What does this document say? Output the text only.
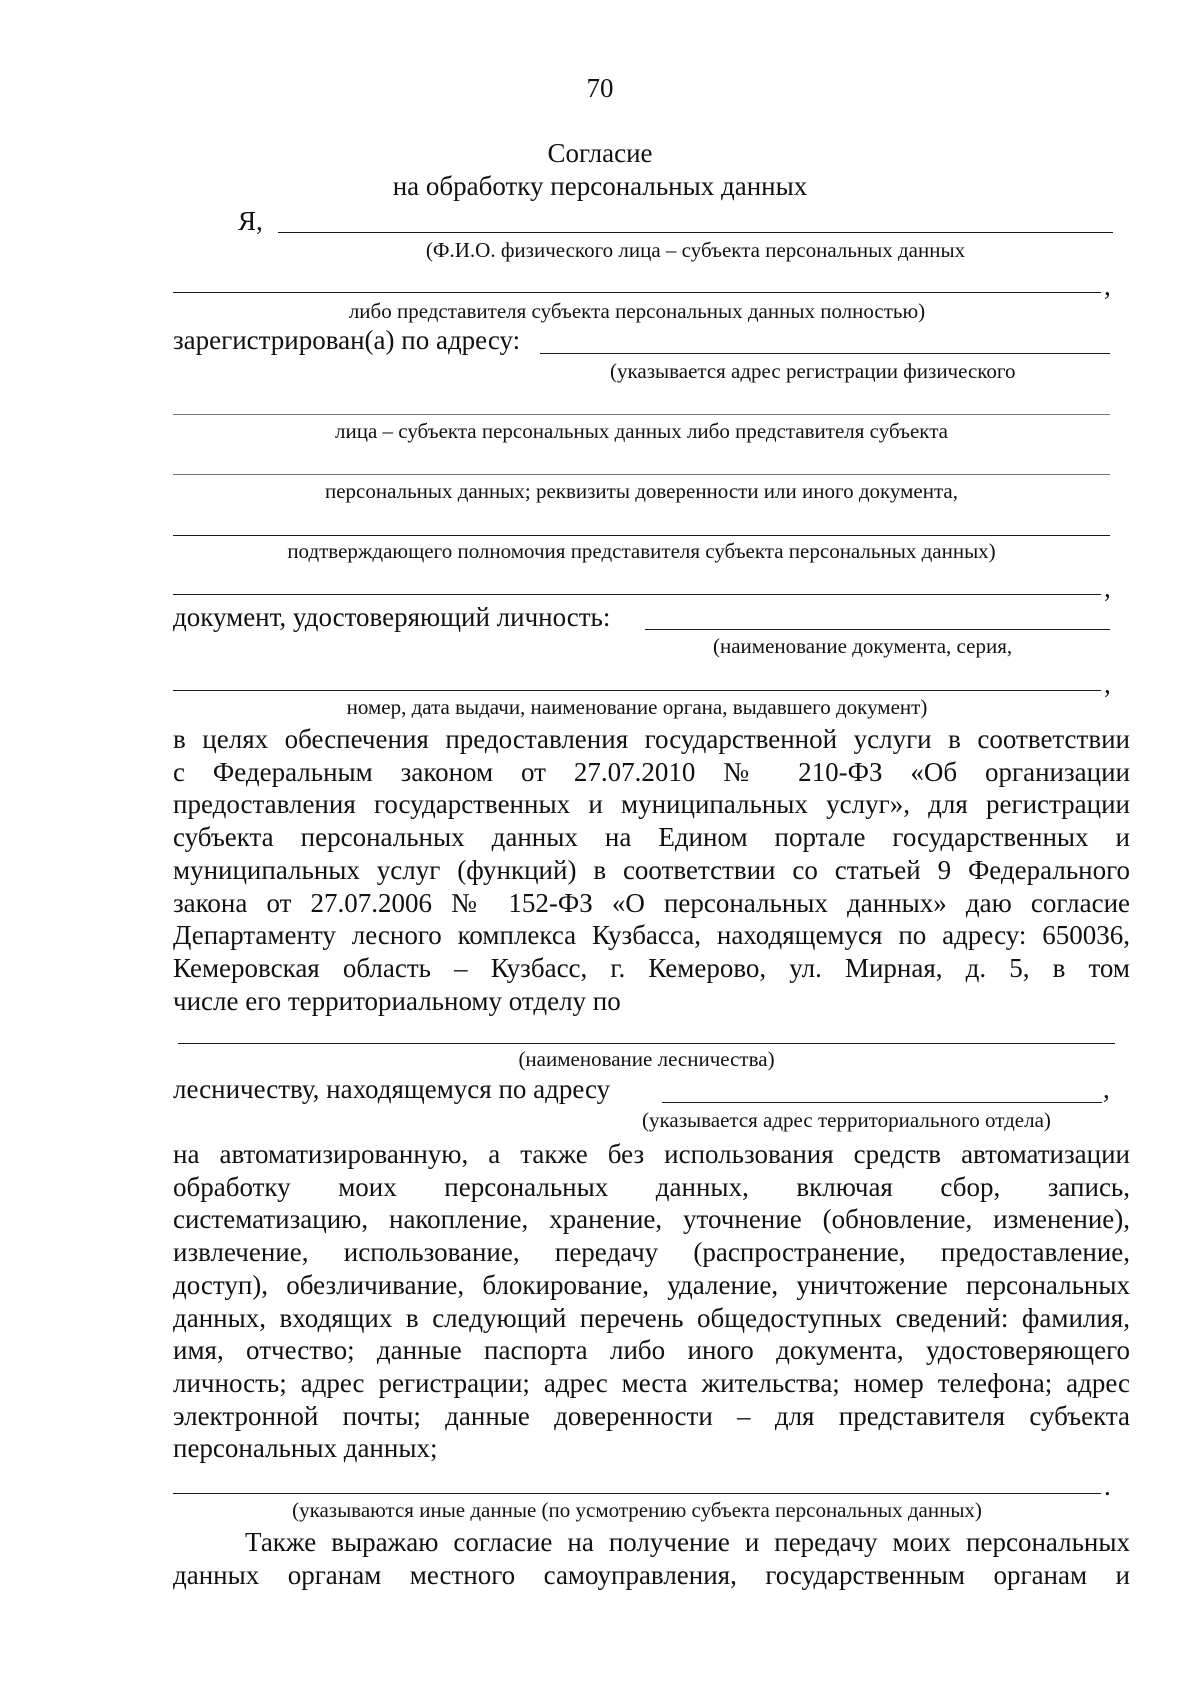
70
Согласие
на обработку персональных данных
Я,
(Ф.И.О. физического лица – субъекта персональных данных
,
либо представителя субъекта персональных данных полностью)
зарегистрирован(а) по адресу:
(указывается адрес регистрации физического
лица – субъекта персональных данных либо представителя субъекта
персональных данных; реквизиты доверенности или иного документа,
подтверждающего полномочия представителя субъекта персональных данных)
,
документ, удостоверяющий личность:
(наименование документа, серия,
,
номер, дата выдачи, наименование органа, выдавшего документ)
в целях обеспечения предоставления государственной услуги в соответствии
с Федеральным законом от 27.07.2010 № 210-ФЗ «Об организации
предоставления государственных и муниципальных услуг», для регистрации
субъекта персональных данных на Едином портале государственных и
муниципальных услуг (функций) в соответствии со статьей 9 Федерального
закона от 27.07.2006 № 152-ФЗ «О персональных данных» даю согласие
Департаменту лесного комплекса Кузбасса, находящемуся по адресу: 650036,
Кемеровская область – Кузбасс, г. Кемерово, ул. Мирная, д. 5, в том
числе его территориальному отделу по
(наименование лесничества)
лесничеству, находящемуся по адресу	,
(указывается адрес территориального отдела)
на автоматизированную, а также без использования средств автоматизации
обработку моих персональных данных, включая сбор, запись,
систематизацию, накопление, хранение, уточнение (обновление, изменение),
извлечение, использование, передачу (распространение, предоставление,
доступ), обезличивание, блокирование, удаление, уничтожение персональных
данных, входящих в следующий перечень общедоступных сведений: фамилия,
имя, отчество; данные паспорта либо иного документа, удостоверяющего
личность; адрес регистрации; адрес места жительства; номер телефона; адрес
электронной почты; данные доверенности – для представителя субъекта
персональных данных;
.
(указываются иные данные (по усмотрению субъекта персональных данных)
Также выражаю согласие на получение и передачу моих персональных
данных органам местного самоуправления, государственным органам и
